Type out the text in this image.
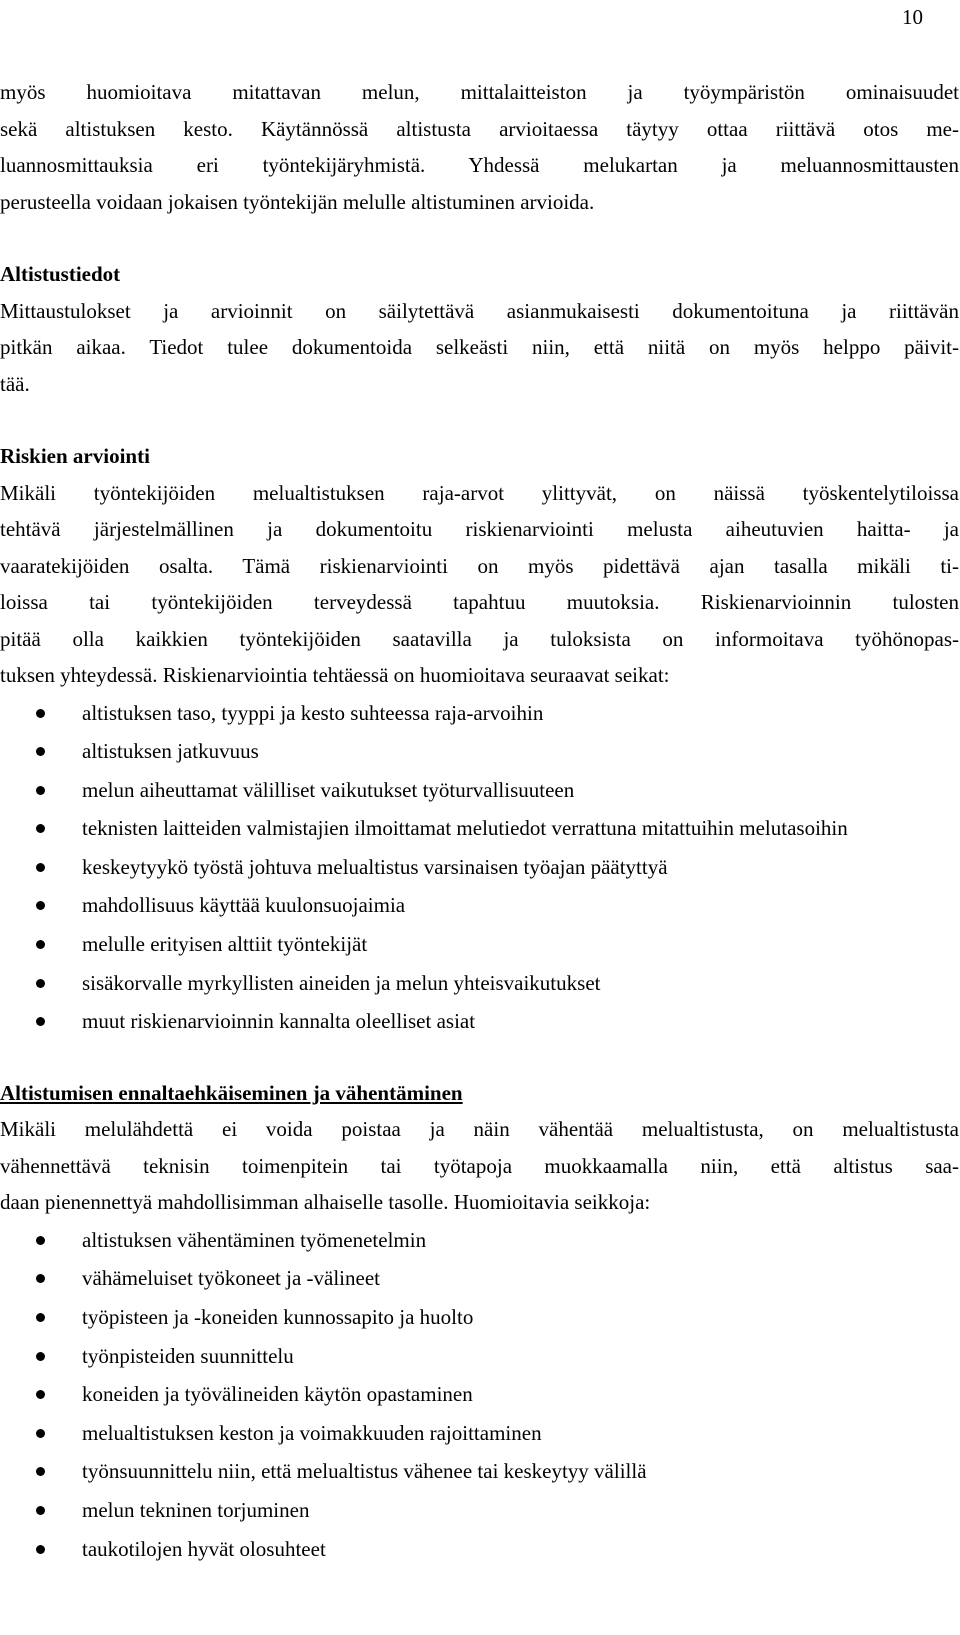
10

myös huomioitava mitattavan melun, mittalaitteiston ja työympäristön ominaisuudet

sekä altistuksen kesto. Käytännössä altistusta arvioitaessa täytyy ottaa riittävä otos me-

luannosmittauksia eri työntekijäryhmistä. Yhdessä melukartan ja meluannosmittausten

perusteella voidaan jokaisen työntekijän melulle altistuminen arvioida.

Altistustiedot

Mittaustulokset ja arvioinnit on säilytettävä asianmukaisesti dokumentoituna ja riittävän

pitkän aikaa. Tiedot tulee dokumentoida selkeästi niin, että niitä on myös helppo päivit-

tää.

Riskien arviointi

Mikäli työntekijöiden melualtistuksen raja-arvot ylittyvät, on näissä työskentelytiloissa

tehtävä järjestelmällinen ja dokumentoitu riskienarviointi melusta aiheutuvien haitta- ja

vaaratekijöiden osalta. Tämä riskienarviointi on myös pidettävä ajan tasalla mikäli ti-

loissa tai työntekijöiden terveydessä tapahtuu muutoksia. Riskienarvioinnin tulosten

pitää olla kaikkien työntekijöiden saatavilla ja tuloksista on informoitava työhönopas-

tuksen yhteydessä. Riskienarviointia tehtäessä on huomioitava seuraavat seikat:

altistuksen taso, tyyppi ja kesto suhteessa raja-arvoihin
altistuksen jatkuvuus
melun aiheuttamat välilliset vaikutukset työturvallisuuteen
teknisten laitteiden valmistajien ilmoittamat melutiedot verrattuna mitattuihin melutasoihin
keskeytyykö työstä johtuva melualtistus varsinaisen työajan päätyttyä
mahdollisuus käyttää kuulonsuojaimia
melulle erityisen alttiit työntekijät
sisäkorvalle myrkyllisten aineiden ja melun yhteisvaikutukset
muut riskienarvioinnin kannalta oleelliset asiat
Altistumisen ennaltaehkäiseminen ja vähentäminen

Mikäli melulähdettä ei voida poistaa ja näin vähentää melualtistusta, on melualtistusta

vähennettävä teknisin toimenpitein tai työtapoja muokkaamalla niin, että altistus saa-

daan pienennettyä mahdollisimman alhaiselle tasolle. Huomioitavia seikkoja:

altistuksen vähentäminen työmenetelmin
vähämeluiset työkoneet ja -välineet
työpisteen ja -koneiden kunnossapito ja huolto
työnpisteiden suunnittelu
koneiden ja työvälineiden käytön opastaminen
melualtistuksen keston ja voimakkuuden rajoittaminen
työnsuunnittelu niin, että melualtistus vähenee tai keskeytyy välillä
melun tekninen torjuminen
taukotilojen hyvät olosuhteet
